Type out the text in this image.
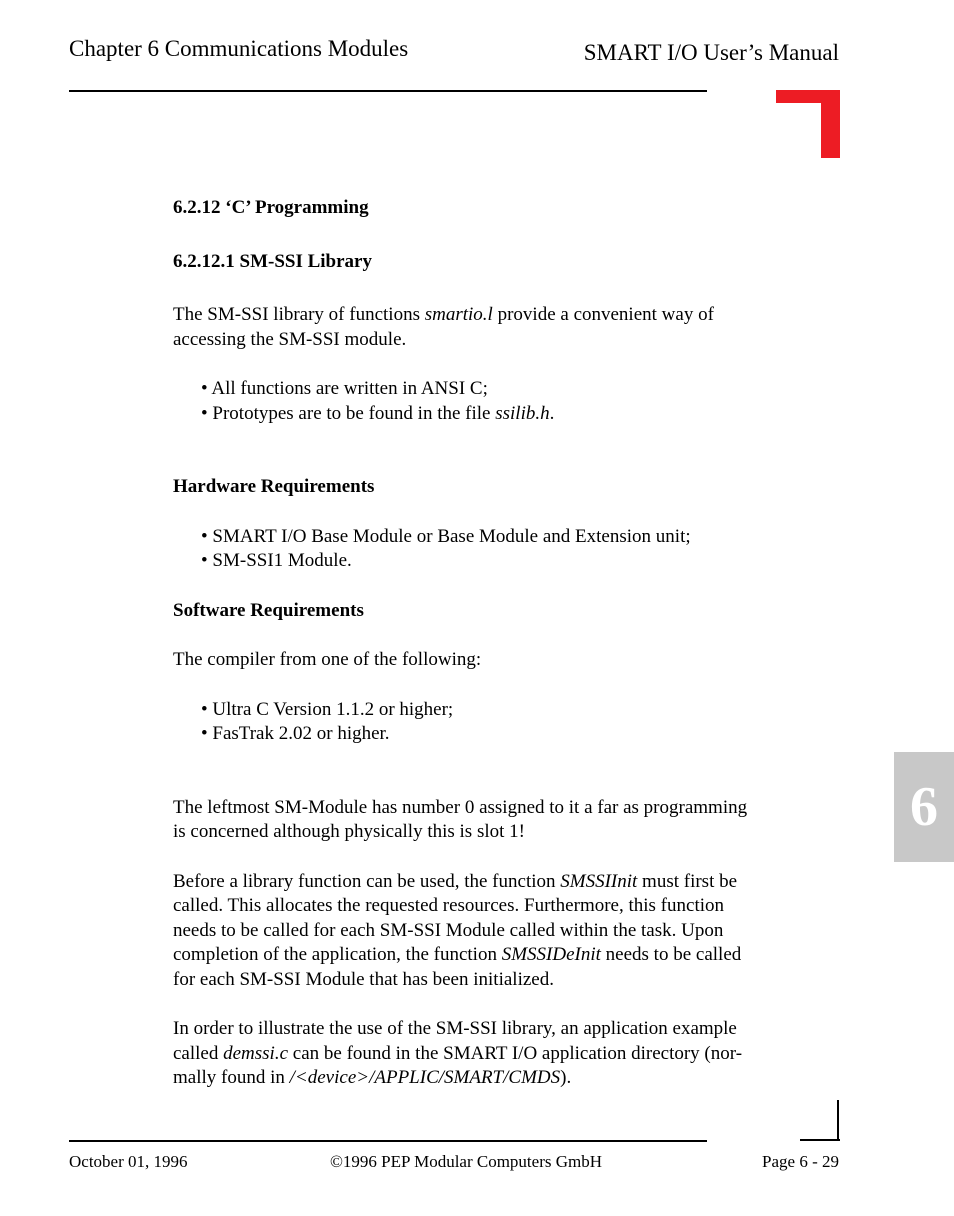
Chapter 6 Communications Modules	SMART I/O User’s Manual
6
6.2.12 ‘C’ Programming
6.2.12.1 SM-SSI Library

The SM-SSI library of functions smartio.l provide a convenient way of
accessing the SM-SSI module.

• All functions are written in ANSI C;
• Prototypes are to be found in the file ssilib.h.
Hardware Requirements
• SMART I/O Base Module or Base Module and Extension unit;
• SM-SSI1 Module.
Software Requirements

The compiler from one of the following:

• Ultra C Version 1.1.2 or higher;
• FasTrak 2.02 or higher.

The leftmost SM-Module has number 0 assigned to it a far as programming
is concerned although physically this is slot 1!

Before a library function can be used, the function SMSSIInit must first be
called. This allocates the requested resources. Furthermore, this function
needs to be called for each SM-SSI Module called within the task. Upon
completion of the application, the function SMSSIDeInit needs to be called
for each SM-SSI Module that has been initialized.

In order to illustrate the use of the SM-SSI library, an application example
called demssi.c can be found in the SMART I/O application directory (nor-
mally found in /<device>/APPLIC/SMART/CMDS).

October 01, 1996	©1996 PEP Modular Computers GmbH	Page 6 - 29
